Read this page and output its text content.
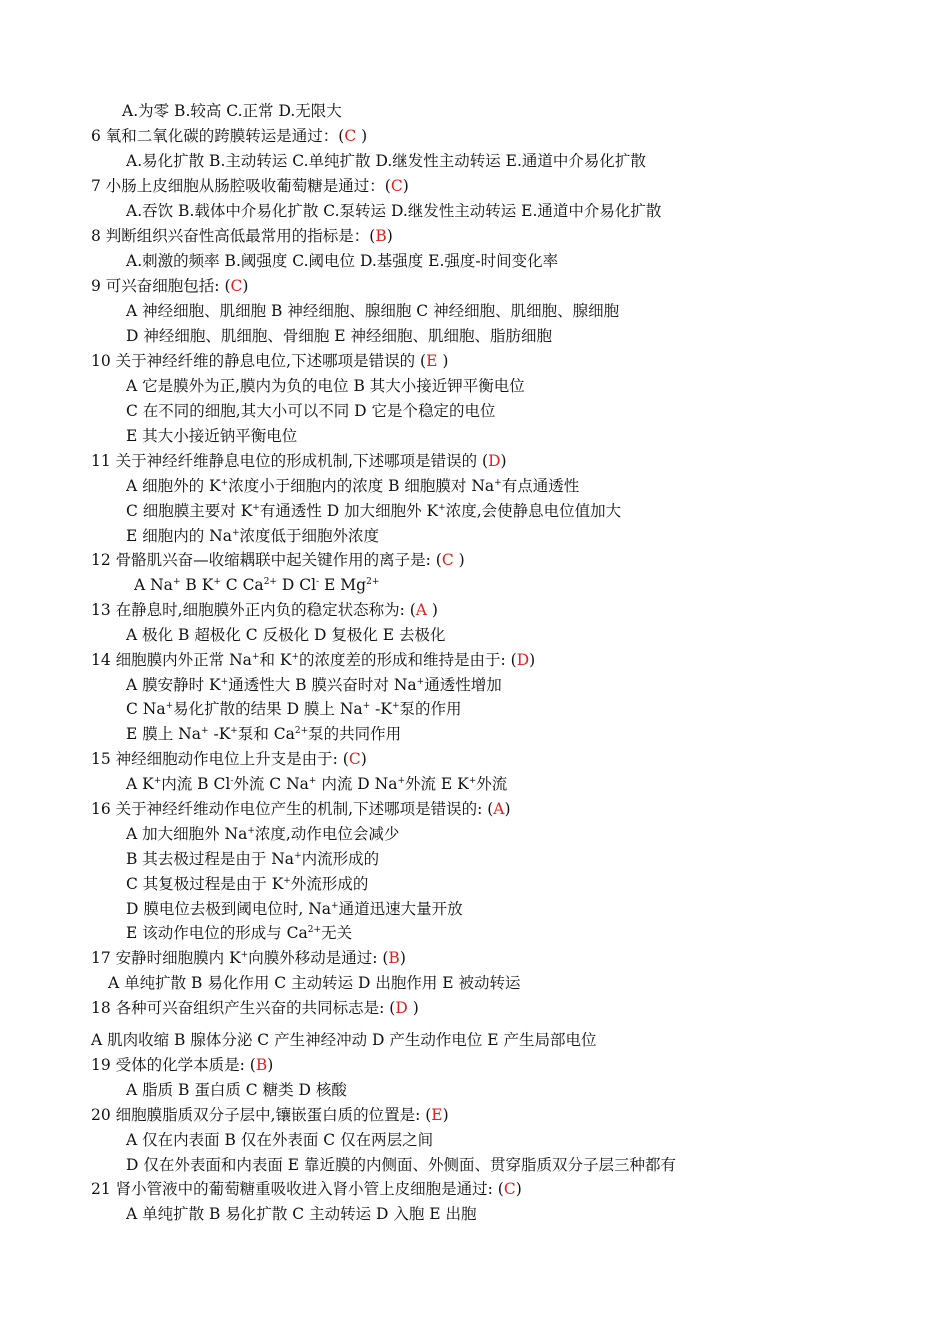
A.为零 B.较高 C.正常 D.无限大
6 氧和二氧化碳的跨膜转运是通过：(C )
A.易化扩散 B.主动转运 C.单纯扩散 D.继发性主动转运 E.通道中介易化扩散
7 小肠上皮细胞从肠腔吸收葡萄糖是通过：(C)
A.吞饮 B.载体中介易化扩散 C.泵转运 D.继发性主动转运 E.通道中介易化扩散
8 判断组织兴奋性高低最常用的指标是：(B)
A.刺激的频率 B.阈强度 C.阈电位 D.基强度 E.强度-时间变化率
9 可兴奋细胞包括: (C)
A 神经细胞、肌细胞 B 神经细胞、腺细胞 C 神经细胞、肌细胞、腺细胞
D 神经细胞、肌细胞、骨细胞 E 神经细胞、肌细胞、脂肪细胞
10 关于神经纤维的静息电位,下述哪项是错误的 (E )
A 它是膜外为正,膜内为负的电位 B 其大小接近钾平衡电位
C 在不同的细胞,其大小可以不同 D 它是个稳定的电位
E 其大小接近钠平衡电位
11 关于神经纤维静息电位的形成机制,下述哪项是错误的 (D)
A 细胞外的 K+浓度小于细胞内的浓度 B 细胞膜对 Na+有点通透性
C 细胞膜主要对 K+有通透性 D 加大细胞外 K+浓度,会使静息电位值加大
E 细胞内的 Na+浓度低于细胞外浓度
12 骨骼肌兴奋—收缩耦联中起关键作用的离子是: (C )
A Na+ B K+ C $Ca^{2+}$ D Cl- E $Mg^{2+}$
13 在静息时,细胞膜外正内负的稳定状态称为: (A )
A 极化 B 超极化 C 反极化 D 复极化 E 去极化
14 细胞膜内外正常 Na+和 K+的浓度差的形成和维持是由于: (D)
A 膜安静时 K+通透性大 B 膜兴奋时对 Na+通透性增加
C Na+易化扩散的结果 D 膜上 Na+ -K+泵的作用
E 膜上 Na+ -K+泵和 $Ca^{2+}$泵的共同作用
15 神经细胞动作电位上升支是由于: (C)
A K+内流 B Cl-外流 C Na+ 内流 D Na+外流 E K+外流
16 关于神经纤维动作电位产生的机制,下述哪项是错误的: (A)
A 加大细胞外 Na+浓度,动作电位会减少
B 其去极过程是由于 Na+内流形成的
C 其复极过程是由于 K+外流形成的
D 膜电位去极到阈电位时, Na+通道迅速大量开放
E 该动作电位的形成与 $Ca^{2+}$无关
17 安静时细胞膜内 K+向膜外移动是通过: (B)
A 单纯扩散 B 易化作用 C 主动转运 D 出胞作用 E 被动转运
18 各种可兴奋组织产生兴奋的共同标志是: (D )
A 肌肉收缩 B 腺体分泌 C 产生神经冲动 D 产生动作电位 E 产生局部电位
19 受体的化学本质是: (B)
A 脂质 B 蛋白质 C 糖类 D 核酸
20 细胞膜脂质双分子层中,镶嵌蛋白质的位置是: (E)
A 仅在内表面 B 仅在外表面 C 仅在两层之间
D 仅在外表面和内表面 E 靠近膜的内侧面、外侧面、贯穿脂质双分子层三种都有
21 肾小管液中的葡萄糖重吸收进入肾小管上皮细胞是通过: (C)
A 单纯扩散 B 易化扩散 C 主动转运 D 入胞 E 出胞
